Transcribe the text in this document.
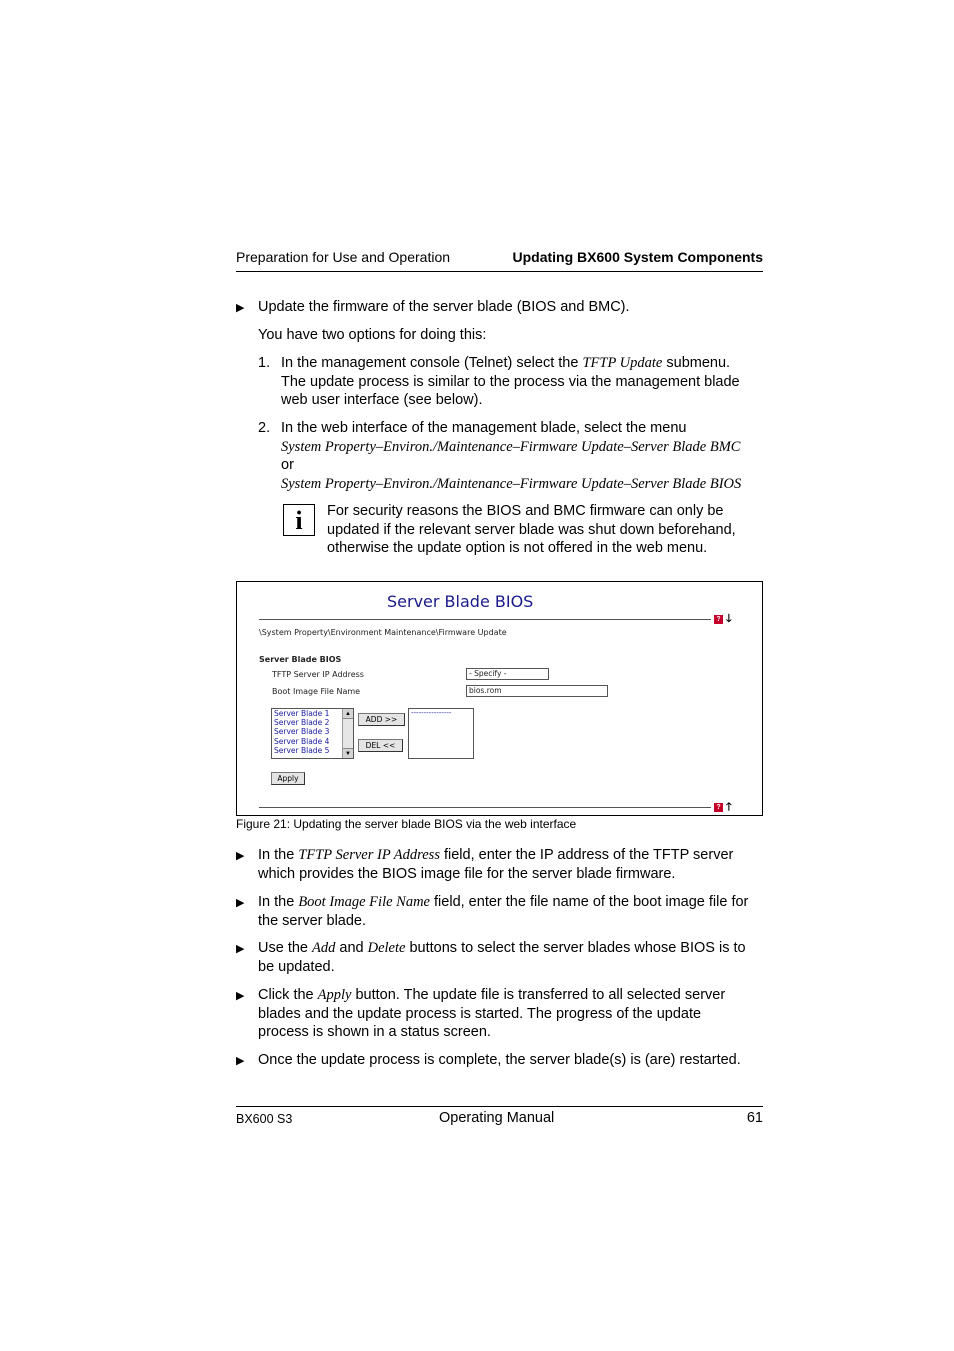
Preparation for Use and Operation	Updating BX600 System Components
▶ Update the firmware of the server blade (BIOS and BMC).
You have two options for doing this:
1. In the management console (Telnet) select the TFTP Update submenu.
The update process is similar to the process via the management blade
web user interface (see below).
2. In the web interface of the management blade, select the menu
System Property–Environ./Maintenance–Firmware Update–Server Blade BMC
or
System Property–Environ./Maintenance–Firmware Update–Server Blade BIOS
i	For security reasons the BIOS and BMC firmware can only be
updated if the relevant server blade was shut down beforehand,
otherwise the update option is not offered in the web menu.
Server Blade BIOS
? 🡓
\System Property\Environment Maintenance\Firmware Update
Server Blade BIOS
TFTP Server IP Address	- Specify -
Boot Image File Name	bios.rom
Server Blade 1
Server Blade 2
Server Blade 3
Server Blade 4
Server Blade 5
▲
▼
ADD >>
DEL <<
----------------
Apply
? 🡑
Figure 21: Updating the server blade BIOS via the web interface
▶ In the TFTP Server IP Address field, enter the IP address of the TFTP server
which provides the BIOS image file for the server blade firmware.
▶ In the Boot Image File Name field, enter the file name of the boot image file for
the server blade.
▶ Use the Add and Delete buttons to select the server blades whose BIOS is to
be updated.
▶ Click the Apply button. The update file is transferred to all selected server
blades and the update process is started. The progress of the update
process is shown in a status screen.
▶ Once the update process is complete, the server blade(s) is (are) restarted.
BX600 S3	Operating Manual	61
